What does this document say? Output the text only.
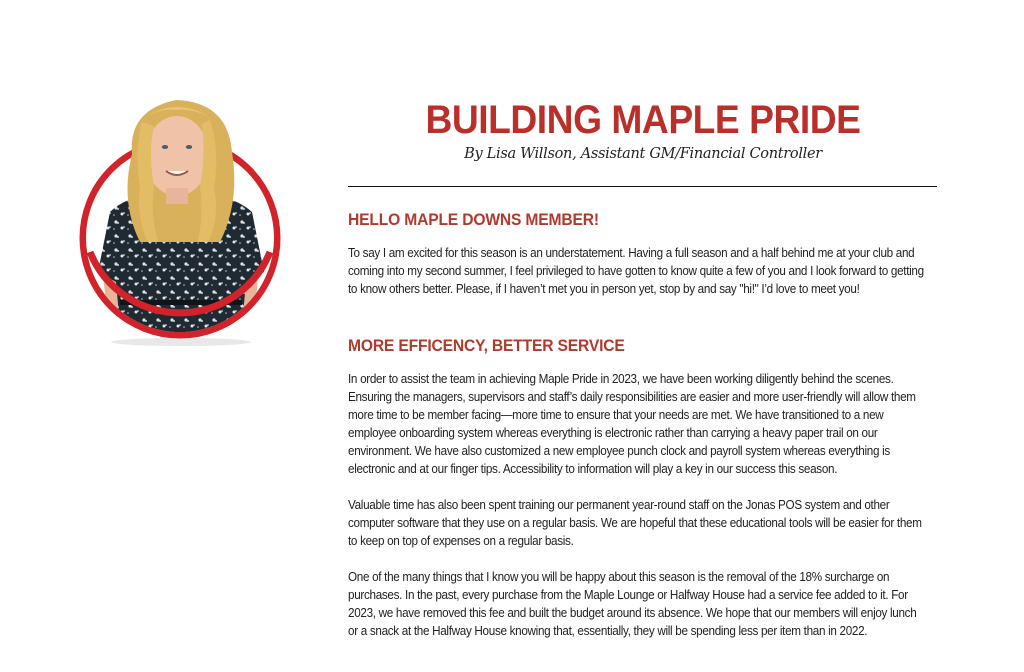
BUILDING MAPLE PRIDE

By Lisa Willson, Assistant GM/Financial Controller

HELLO MAPLE DOWNS MEMBER!

To say I am excited for this season is an understatement. Having a full season and a half behind me at your club and coming into my second summer, I feel privileged to have gotten to know quite a few of you and I look forward to getting to know others better. Please, if I haven’t met you in person yet, stop by and say "hi!" I’d love to meet you!

MORE EFFICENCY, BETTER SERVICE

In order to assist the team in achieving Maple Pride in 2023, we have been working diligently behind the scenes. Ensuring the managers, supervisors and staff’s daily responsibilities are easier and more user-friendly will allow them more time to be member facing—more time to ensure that your needs are met. We have transitioned to a new employee onboarding system whereas everything is electronic rather than carrying a heavy paper trail on our environment. We have also customized a new employee punch clock and payroll system whereas everything is electronic and at our finger tips. Accessibility to information will play a key in our success this season.

Valuable time has also been spent training our permanent year-round staff on the Jonas POS system and other computer software that they use on a regular basis. We are hopeful that these educational tools will be easier for them to keep on top of expenses on a regular basis.

One of the many things that I know you will be happy about this season is the removal of the 18% surcharge on purchases. In the past, every purchase from the Maple Lounge or Halfway House had a service fee added to it. For 2023, we have removed this fee and built the budget around its absence. We hope that our members will enjoy lunch or a snack at the Halfway House knowing that, essentially, they will be spending less per item than in 2022.
